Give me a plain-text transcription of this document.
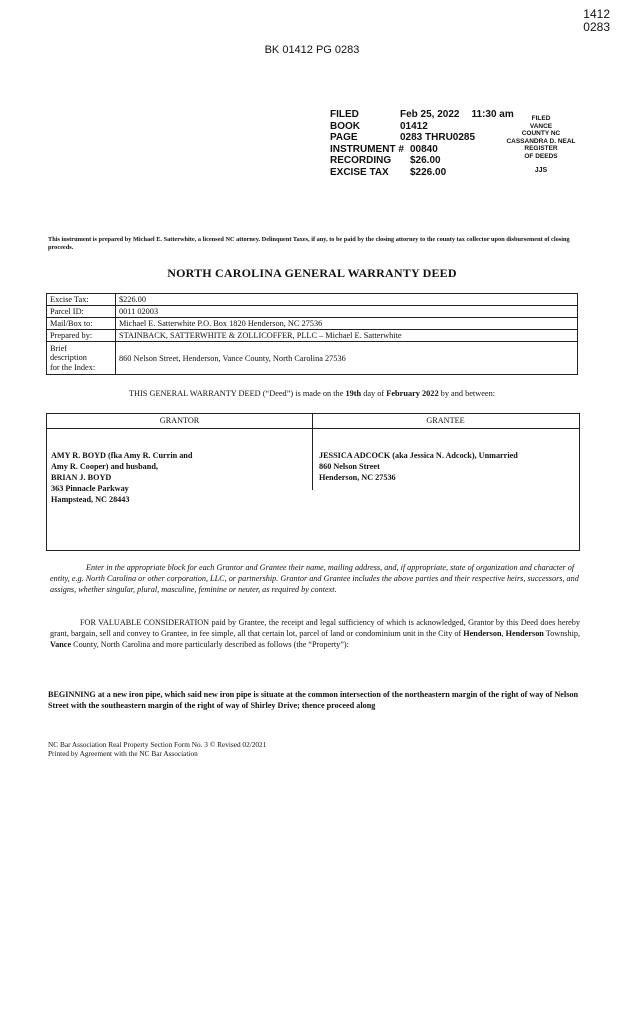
1412
0283
BK 01412 PG 0283
FILED	Feb 25, 2022 11:30 am
BOOK	01412
PAGE	0283 THRU0285
INSTRUMENT # 00840
RECORDING $26.00
EXCISE TAX $226.00
FILED
VANCE
COUNTY NC
CASSANDRA D. NEAL
REGISTER
OF DEEDS
JJS
This instrument is prepared by Michael E. Satterwhite, a licensed NC attorney. Delinquent Taxes, if any, to be paid by the closing attorney to the county tax collector upon disbursement of closing proceeds.
NORTH CAROLINA GENERAL WARRANTY DEED
Excise Tax:	$226.00
Parcel ID:	0011 02003
Mail/Box to:	Michael E. Satterwhite P.O. Box 1820 Henderson, NC 27536
Prepared by:	STAINBACK, SATTERWHITE & ZOLLICOFFER, PLLC – Michael E. Satterwhite

Brief
description
for the Index:	860 Nelson Street, Henderson, Vance County, North Carolina 27536
THIS GENERAL WARRANTY DEED (“Deed”) is made on the 19th day of February 2022 by and between:
GRANTOR	GRANTEE
AMY R. BOYD (fka Amy R. Currin and
Amy R. Cooper) and husband,
BRIAN J. BOYD
363 Pinnacle Parkway
Hampstead, NC 28443
JESSICA ADCOCK (aka Jessica N. Adcock), Unmarried
860 Nelson Street
Henderson, NC 27536
Enter in the appropriate block for each Grantor and Grantee their name, mailing address, and, if appropriate, state of organization and character of entity, e.g. North Carolina or other corporation, LLC, or partnership. Grantor and Grantee includes the above parties and their respective heirs, successors, and assigns, whether singular, plural, masculine, feminine or neuter, as required by context.
FOR VALUABLE CONSIDERATION paid by Grantee, the receipt and legal sufficiency of which is acknowledged, Grantor by this Deed does hereby grant, bargain, sell and convey to Grantee, in fee simple, all that certain lot, parcel of land or condominium unit in the City of Henderson, Henderson Township, Vance County, North Carolina and more particularly described as follows (the “Property”):
BEGINNING at a new iron pipe, which said new iron pipe is situate at the common intersection of the northeastern margin of the right of way of Nelson Street with the southeastern margin of the right of way of Shirley Drive; thence proceed along
NC Bar Association Real Property Section Form No. 3 © Revised 02/2021
Printed by Agreement with the NC Bar Association
